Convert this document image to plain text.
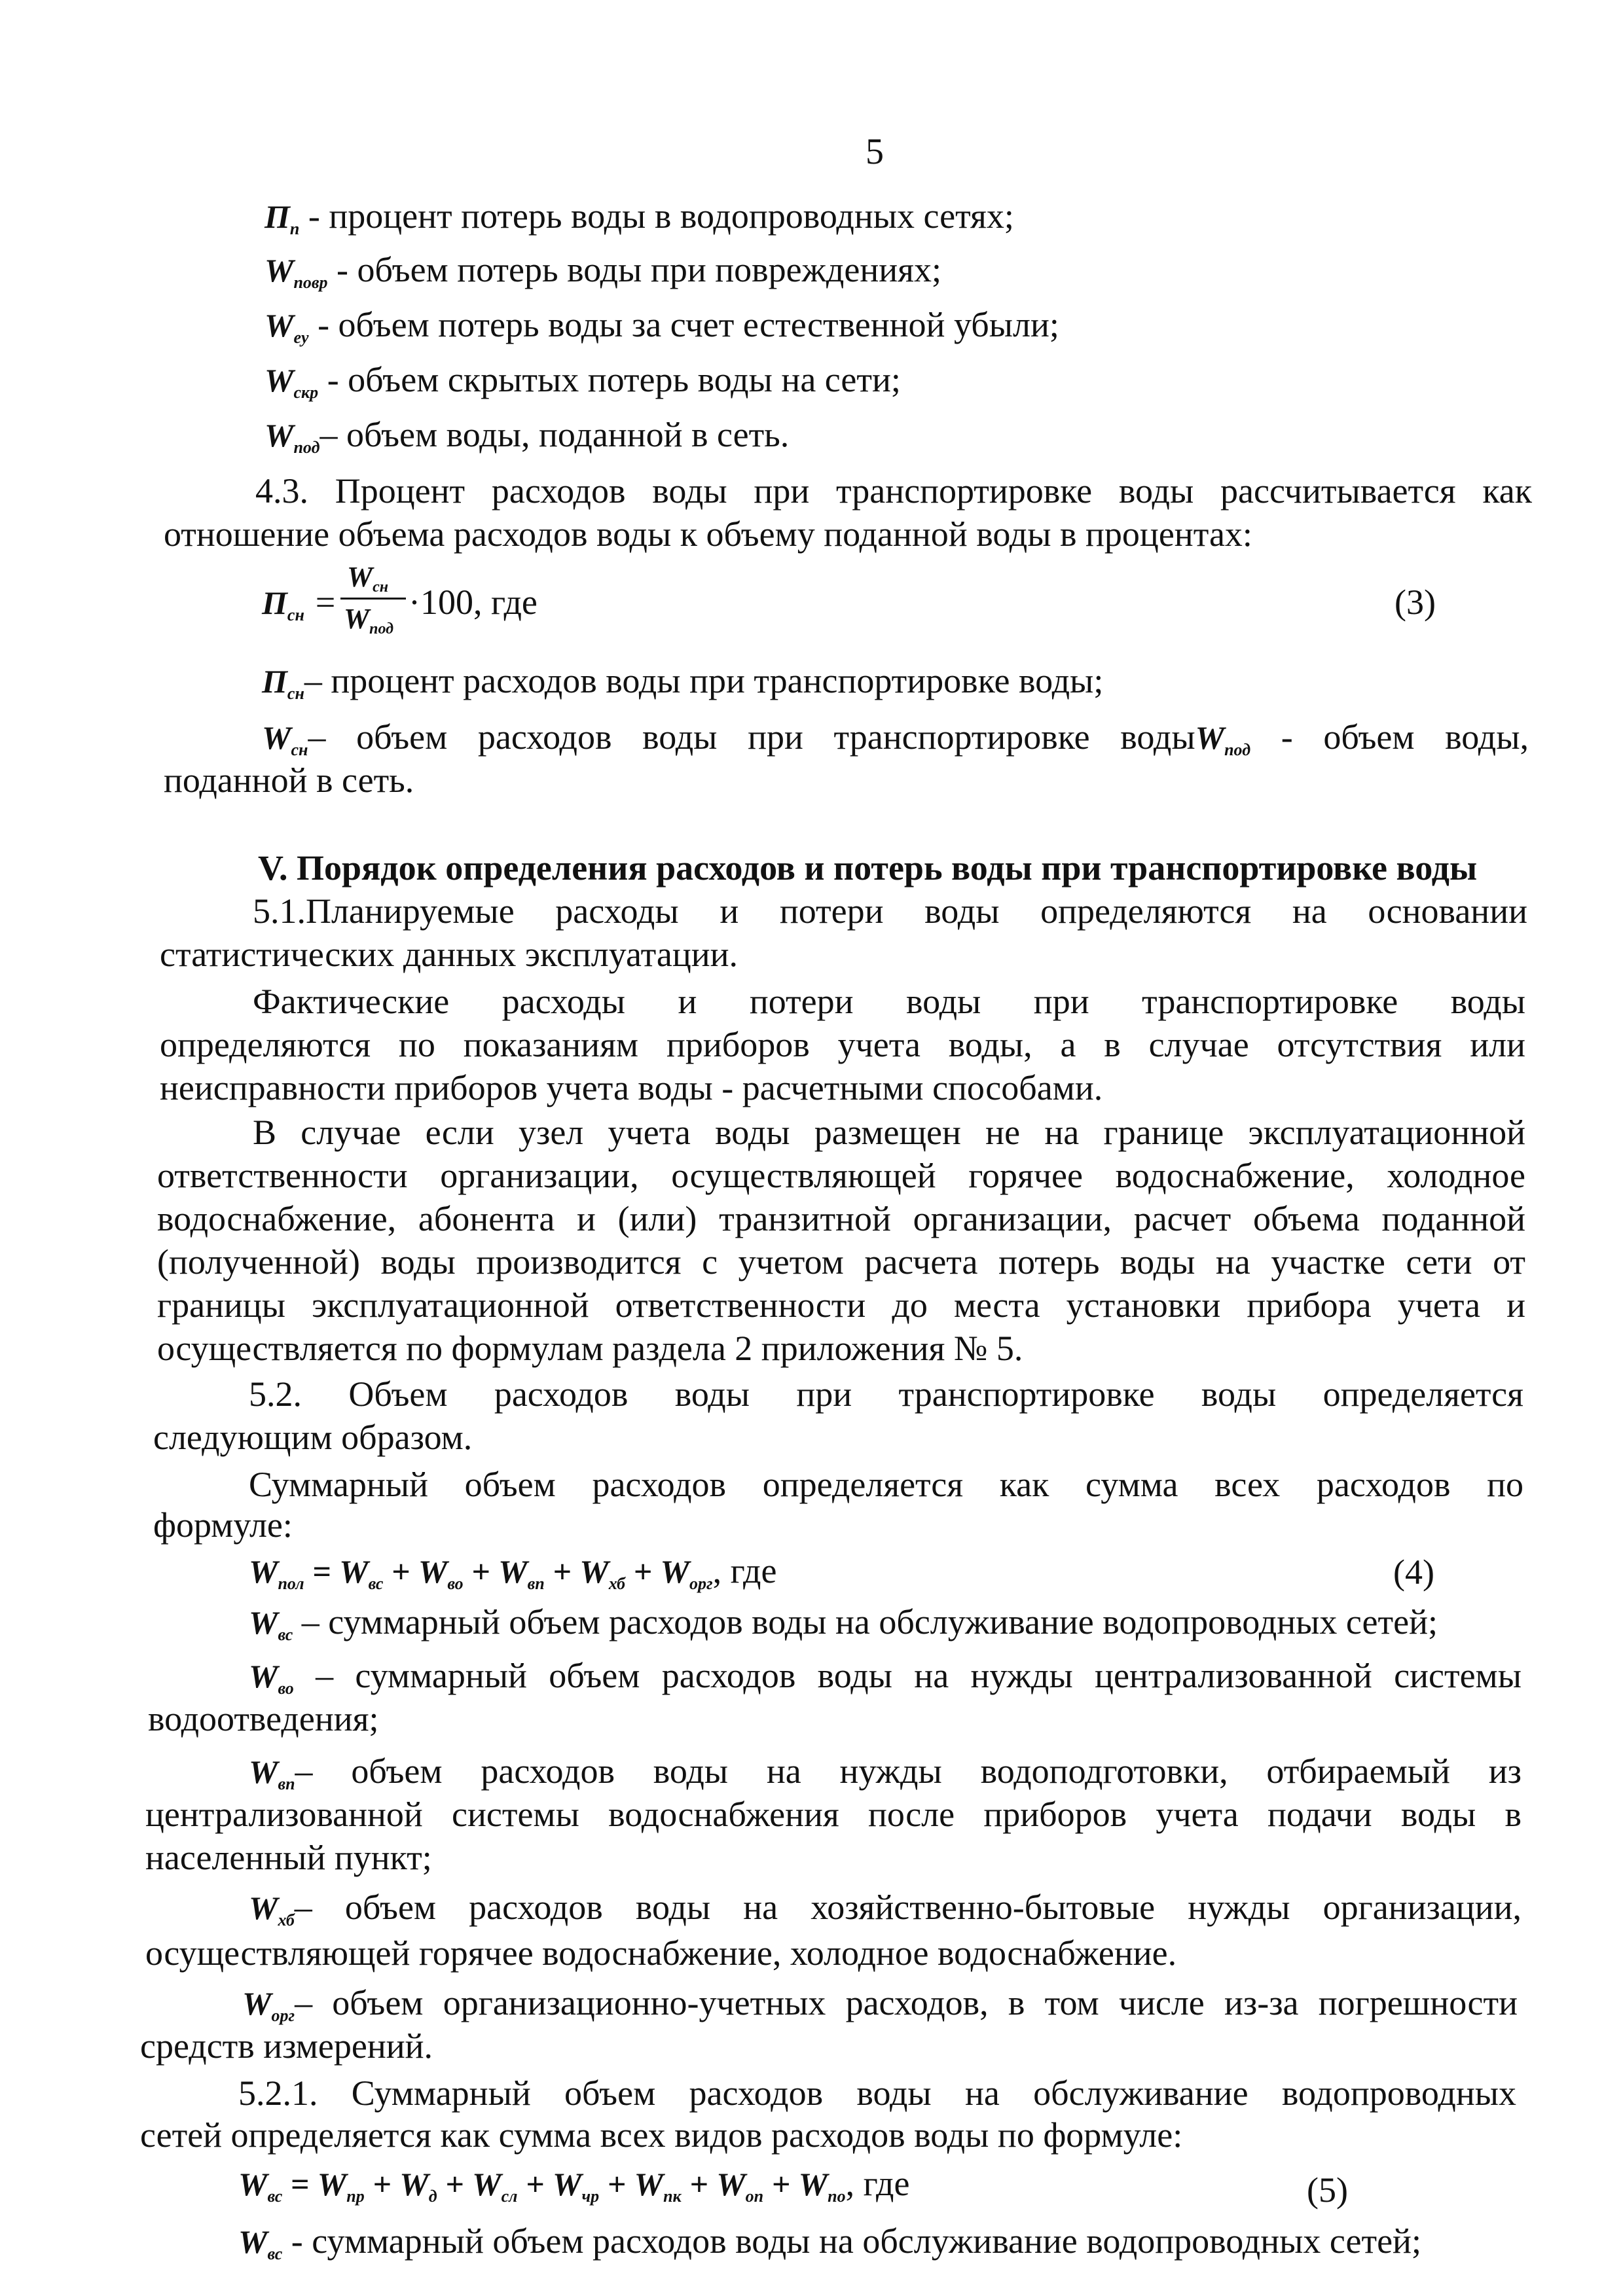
5
$П_п$ - процент потерь воды в водопроводных сетях;
$W_{повр}$ - объем потерь воды при повреждениях;
$W_{еу}$ - объем потерь воды за счет естественной убыли;
$W_{скр}$ - объем скрытых потерь воды на сети;
$W_{под}-$ объем воды, поданной в сеть.
4.3. Процент расходов воды при транспортировке воды рассчитывается как
отношение объема расходов воды к объему поданной воды в процентах:
$П_{сн}$ =
$W_{сн}$
$W_{под}$
·100, где	(3)
$П_{сн}-$ процент расходов воды при транспортировке воды;
$W_{сн}-$ объем расходов воды при транспортировке водыW$_{под}$ - объем воды,
поданной в сеть.
V. Порядок определения расходов и потерь воды при транспортировке воды
5.1.Планируемые расходы и потери воды определяются на основании
статистических данных эксплуатации.
Фактические расходы и потери воды при транспортировке воды
определяются по показаниям приборов учета воды, а в случае отсутствия или
неисправности приборов учета воды - расчетными способами.
В случае если узел учета воды размещен не на границе эксплуатационной
ответственности организации, осуществляющей горячее водоснабжение, холодное
водоснабжение, абонента и (или) транзитной организации, расчет объема поданной
(полученной) воды производится с учетом расчета потерь воды на участке сети от
границы эксплуатационной ответственности до места установки прибора учета и
осуществляется по формулам раздела 2 приложения № 5.
5.2. Объем расходов воды при транспортировке воды определяется
следующим образом.
Суммарный объем расходов определяется как сумма всех расходов по
формуле:
$W_{пол} = W_{вс} + W_{во} + W_{вп} + W_{хб} + W_{орг}$, где	(4)
$W_{вс}$ – суммарный объем расходов воды на обслуживание водопроводных сетей;
$W_{во}$ – суммарный объем расходов воды на нужды централизованной системы
водоотведения;
$W_{вп}-$ объем расходов воды на нужды водоподготовки, отбираемый из
централизованной системы водоснабжения после приборов учета подачи воды в
населенный пункт;
$W_{хб}-$ объем расходов воды на хозяйственно-бытовые нужды организации,
осуществляющей горячее водоснабжение, холодное водоснабжение.
$W_{орг}-$ объем организационно-учетных расходов, в том числе из-за погрешности
средств измерений.
5.2.1. Суммарный объем расходов воды на обслуживание водопроводных
сетей определяется как сумма всех видов расходов воды по формуле:
$W_{вс} = W_{пр} + W_д + W_{сл} + W_{чр} + W_{пк} + W_{оп} + W_{по}$, где	(5)
$W_{вс}$ - суммарный объем расходов воды на обслуживание водопроводных сетей;
